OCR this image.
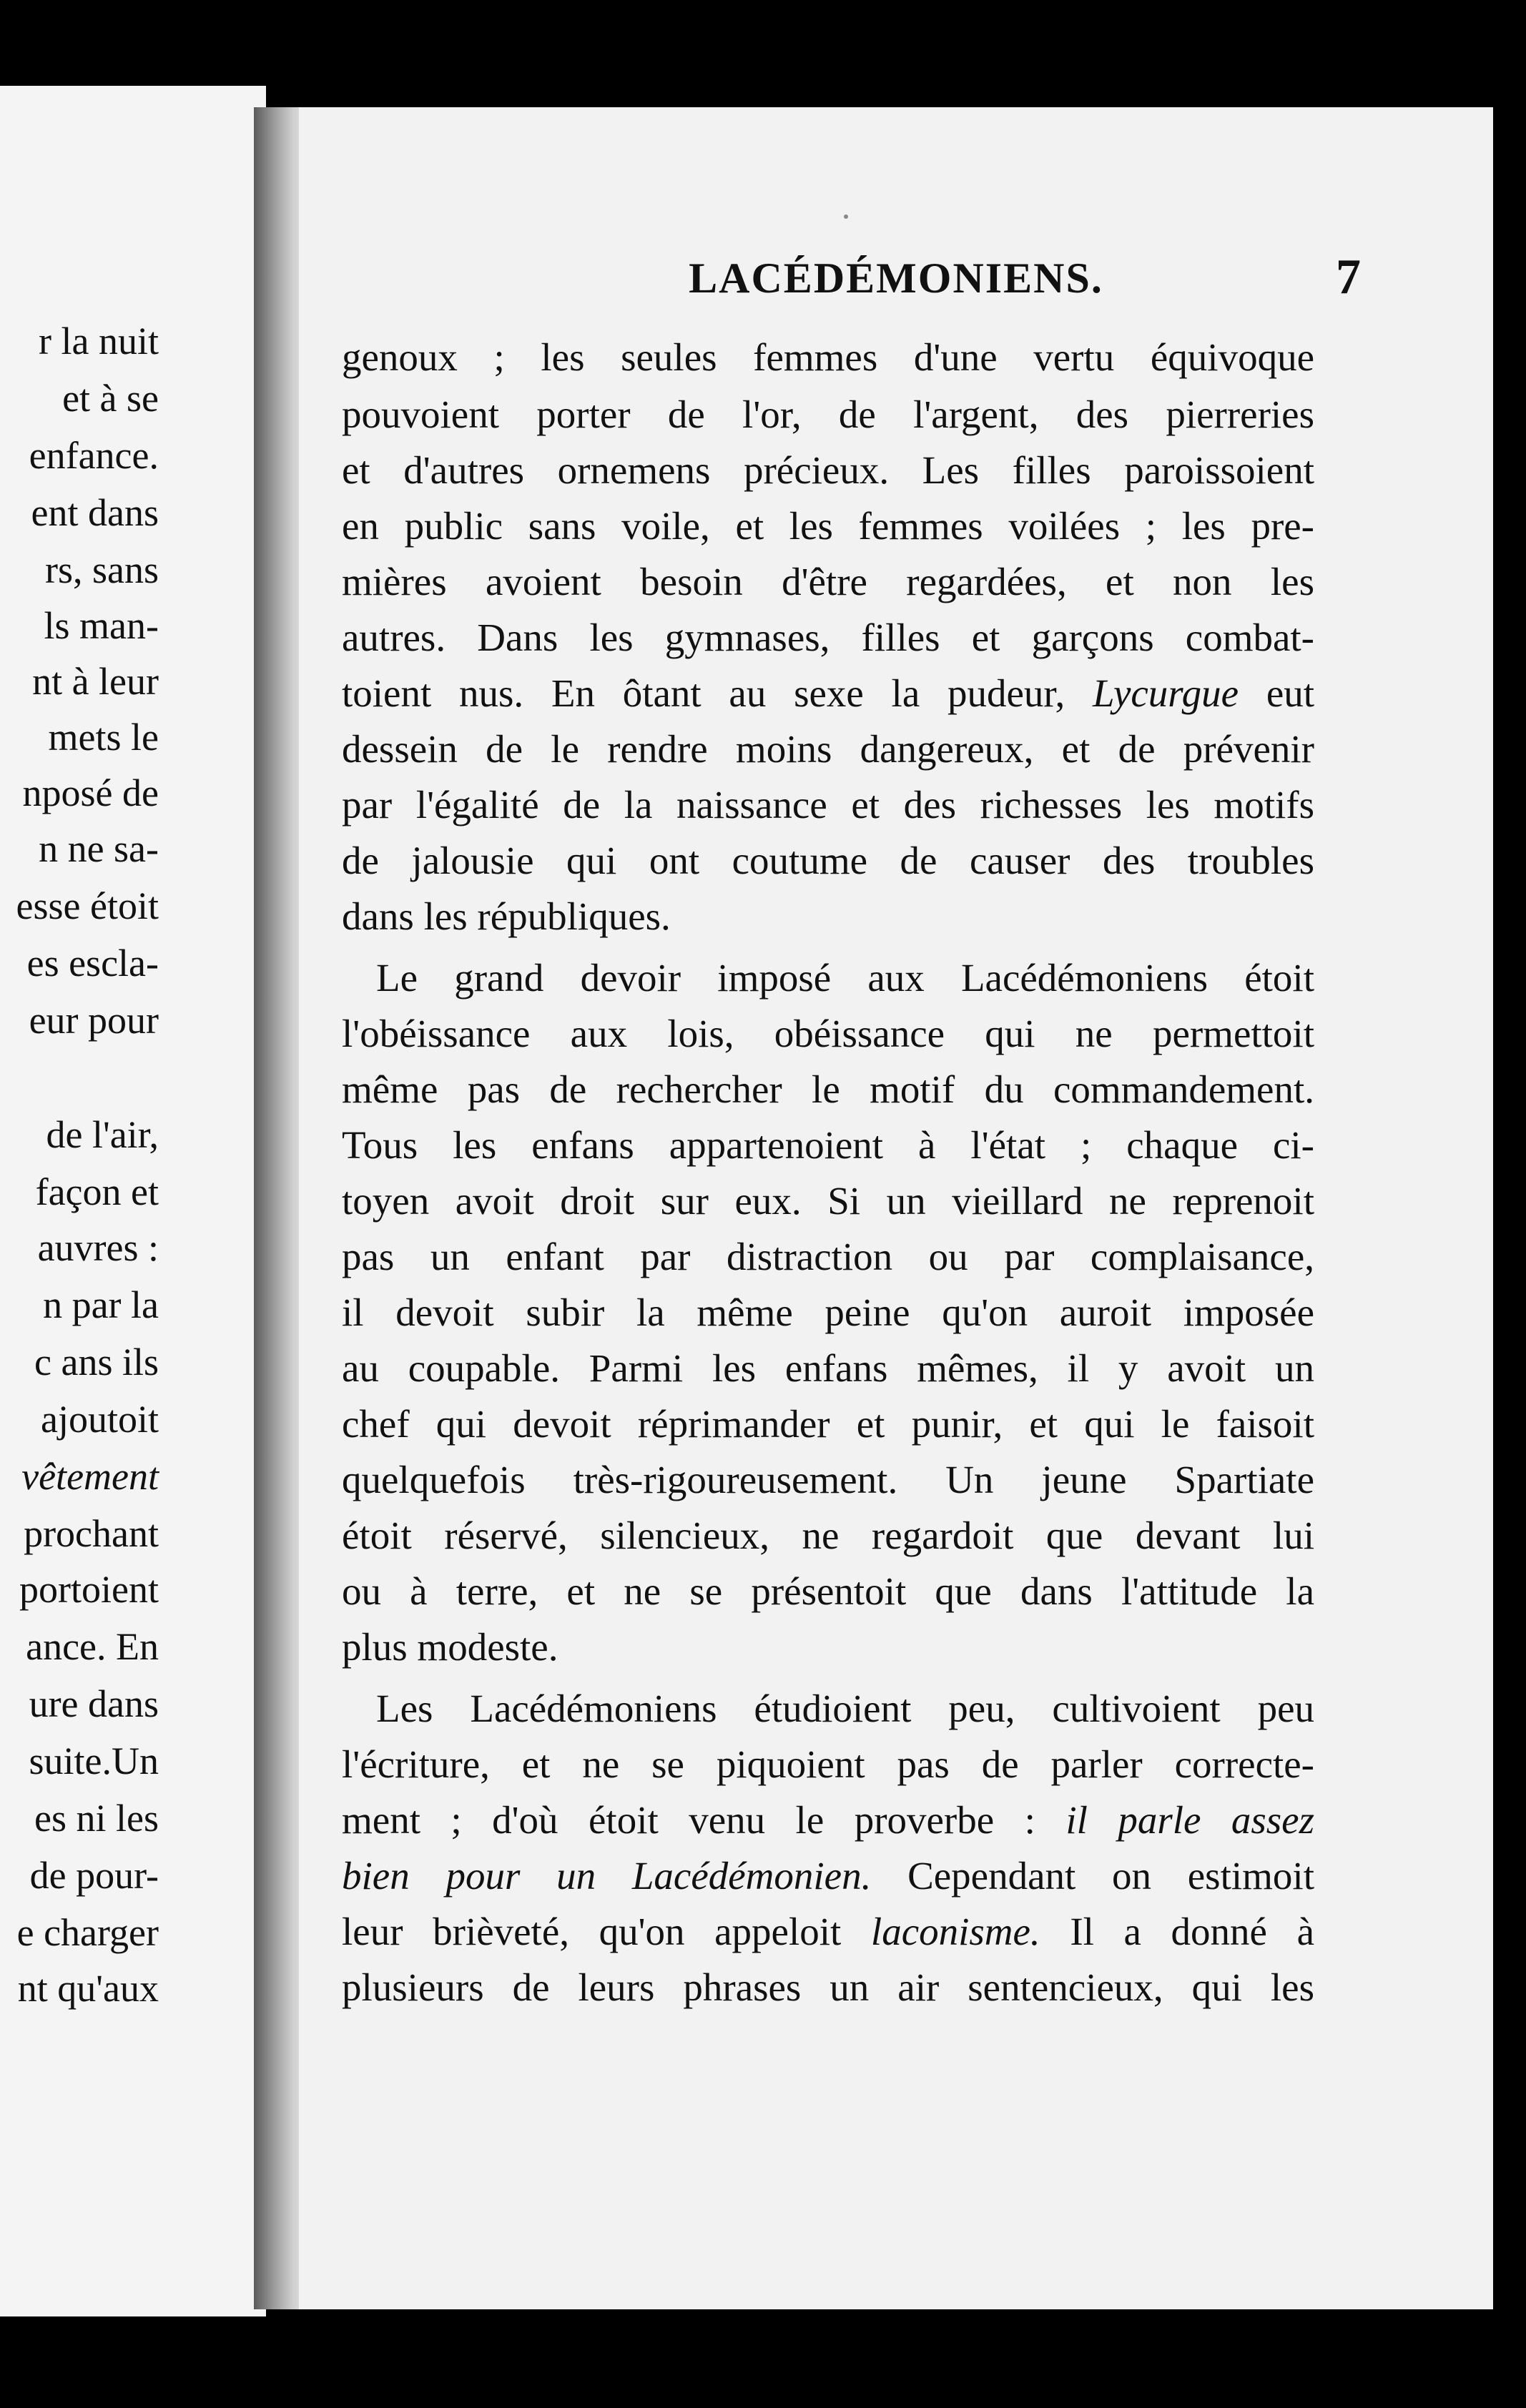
r la nuit
et à se
enfance.
ent dans
rs, sans
ls man-
nt à leur
mets le
nposé de
n ne sa-
esse étoit
es escla-
eur pour
de l'air,
façon et
auvres :
n par la
c ans ils
ajoutoit
vêtement
prochant
portoient
ance. En
ure dans
suite.Un
es ni les
de pour-
e charger
nt qu'aux
LACÉDÉMONIENS.	7
genoux ; les seules femmes d'une vertu équivoque
pouvoient porter de l'or, de l'argent, des pierreries
et d'autres ornemens précieux. Les filles paroissoient
en public sans voile, et les femmes voilées ; les pre-
mières avoient besoin d'être regardées, et non les
autres. Dans les gymnases, filles et garçons combat-
toient nus. En ôtant au sexe la pudeur, Lycurgue eut
dessein de le rendre moins dangereux, et de prévenir
par l'égalité de la naissance et des richesses les motifs
de jalousie qui ont coutume de causer des troubles
dans les républiques.
Le grand devoir imposé aux Lacédémoniens étoit
l'obéissance aux lois, obéissance qui ne permettoit
même pas de rechercher le motif du commandement.
Tous les enfans appartenoient à l'état ; chaque ci-
toyen avoit droit sur eux. Si un vieillard ne reprenoit
pas un enfant par distraction ou par complaisance,
il devoit subir la même peine qu'on auroit imposée
au coupable. Parmi les enfans mêmes, il y avoit un
chef qui devoit réprimander et punir, et qui le faisoit
quelquefois très-rigoureusement. Un jeune Spartiate
étoit réservé, silencieux, ne regardoit que devant lui
ou à terre, et ne se présentoit que dans l'attitude la
plus modeste.
Les Lacédémoniens étudioient peu, cultivoient peu
l'écriture, et ne se piquoient pas de parler correcte-
ment ; d'où étoit venu le proverbe : il parle assez
bien pour un Lacédémonien. Cependant on estimoit
leur brièveté, qu'on appeloit laconisme. Il a donné à
plusieurs de leurs phrases un air sentencieux, qui les
